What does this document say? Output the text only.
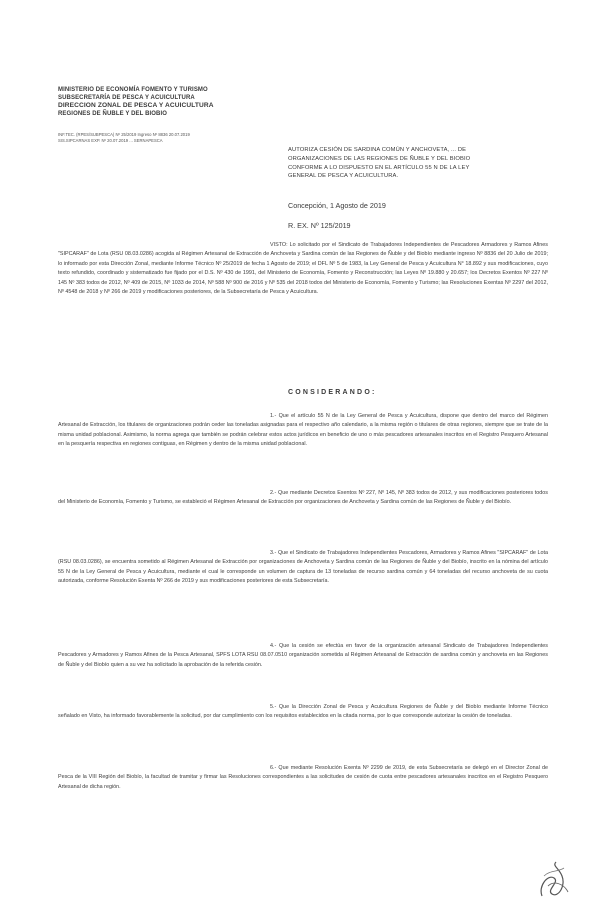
MINISTERIO DE ECONOMÍA FOMENTO Y TURISMO
SUBSECRETARÍA DE PESCA Y ACUICULTURA
DIRECCION ZONAL DE PESCA Y ACUICULTURA
REGIONES DE ÑUBLE Y DEL BIOBIO
INF.TEC. (RPES/SUBPESCA) Nº 25/2019 Ingreso Nº 8836 20.07.2019
SIS.SIPCARNAS EXP. Nº 20.07.2019 ... SERNAPESCA
AUTORIZA CESIÓN DE SARDINA COMÚN Y ANCHOVETA, ... DE
ORGANIZACIONES DE LAS REGIONES DE ÑUBLE Y DEL BIOBIO
CONFORME A LO DISPUESTO EN EL ARTÍCULO 55 N DE LA LEY
GENERAL DE PESCA Y ACUICULTURA.
Concepción, 1 Agosto de 2019
R. EX. Nº 125/2019
VISTO: Lo solicitado por el Sindicato de Trabajadores Independientes de Pescadores Armadores y Ramos Afines "SIPCARAF" de Lota (RSU 08.03.0286) acogida al Régimen Artesanal de Extracción de Anchoveta y Sardina común de las Regiones de Ñuble y del Biobío mediante ingreso Nº 8836 del 20 Julio de 2019; lo informado por esta Dirección Zonal, mediante Informe Técnico Nº 25/2019 de fecha 1 Agosto de 2019; el DFL Nº 5 de 1983, la Ley General de Pesca y Acuicultura N° 18.892 y sus modificaciones, cuyo texto refundido, coordinado y sistematizado fue fijado por el D.S. Nº 430 de 1991, del Ministerio de Economía, Fomento y Reconstrucción; las Leyes Nº 19.880 y 20.657; los Decretos Exentos Nº 227 Nº 145 Nº 383 todos de 2012, Nº 409 de 2015, Nº 1033 de 2014, Nº 588 Nº 900 de 2016 y Nº 535 del 2018 todos del Ministerio de Economía, Fomento y Turismo; las Resoluciones Exentas Nº 2297 del 2012, Nº 4548 de 2018 y Nº 266 de 2019 y modificaciones posteriores, de la Subsecretaría de Pesca y Acuicultura.
CONSIDERANDO:
1.- Que el artículo 55 N de la Ley General de Pesca y Acuicultura, dispone que dentro del marco del Régimen Artesanal de Extracción, los titulares de organizaciones podrán ceder las toneladas asignadas para el respectivo año calendario, a la misma región o titulares de otras regiones, siempre que se trate de la misma unidad poblacional. Asimismo, la norma agrega que también se podrán celebrar estos actos jurídicos en beneficio de uno o más pescadores artesanales inscritos en el Registro Pesquero Artesanal en la pesquería respectiva en regiones contiguas, en Régimen y dentro de la misma unidad poblacional.
2.- Que mediante Decretos Exentos Nº 227, Nº 145, Nº 383 todos de 2012, y sus modificaciones posteriores todos del Ministerio de Economía, Fomento y Turismo, se estableció el Régimen Artesanal de Extracción por organizaciones de Anchoveta y Sardina común de las Regiones de Ñuble y del Biobío.
3.- Que el Sindicato de Trabajadores Independientes Pescadores, Armadores y Ramos Afines "SIPCARAF" de Lota (RSU 08.03.0286), se encuentra sometido al Régimen Artesanal de Extracción por organizaciones de Anchoveta y Sardina común de las Regiones de Ñuble y del Biobío, inscrito en la nómina del artículo 55 N de la Ley General de Pesca y Acuicultura, mediante el cual le corresponde un volumen de captura de 13 toneladas de recurso sardina común y 64 toneladas del recurso anchoveta de su cuota autorizada, conforme Resolución Exenta Nº 266 de 2019 y sus modificaciones posteriores de esta Subsecretaría.
4.- Que la cesión se efectúa en favor de la organización artesanal Sindicato de Trabajadores Independientes Pescadores y Armadores y Ramos Afines de la Pesca Artesanal, SPFS LOTA RSU 08.07.0510 organización sometida al Régimen Artesanal de Extracción de sardina común y anchoveta en las Regiones de Ñuble y del Biobío quien a su vez ha solicitado la aprobación de la referida cesión.
5.- Que la Dirección Zonal de Pesca y Acuicultura Regiones de Ñuble y del Biobío mediante Informe Técnico señalado en Visto, ha informado favorablemente la solicitud, por dar cumplimiento con los requisitos establecidos en la citada norma, por lo que corresponde autorizar la cesión de toneladas.
6.- Que mediante Resolución Exenta Nº 2299 de 2019, de esta Subsecretaría se delegó en el Director Zonal de Pesca de la VIII Región del Biobío, la facultad de tramitar y firmar las Resoluciones correspondientes a las solicitudes de cesión de cuota entre pescadores artesanales inscritos en el Registro Pesquero Artesanal de dicha región.
